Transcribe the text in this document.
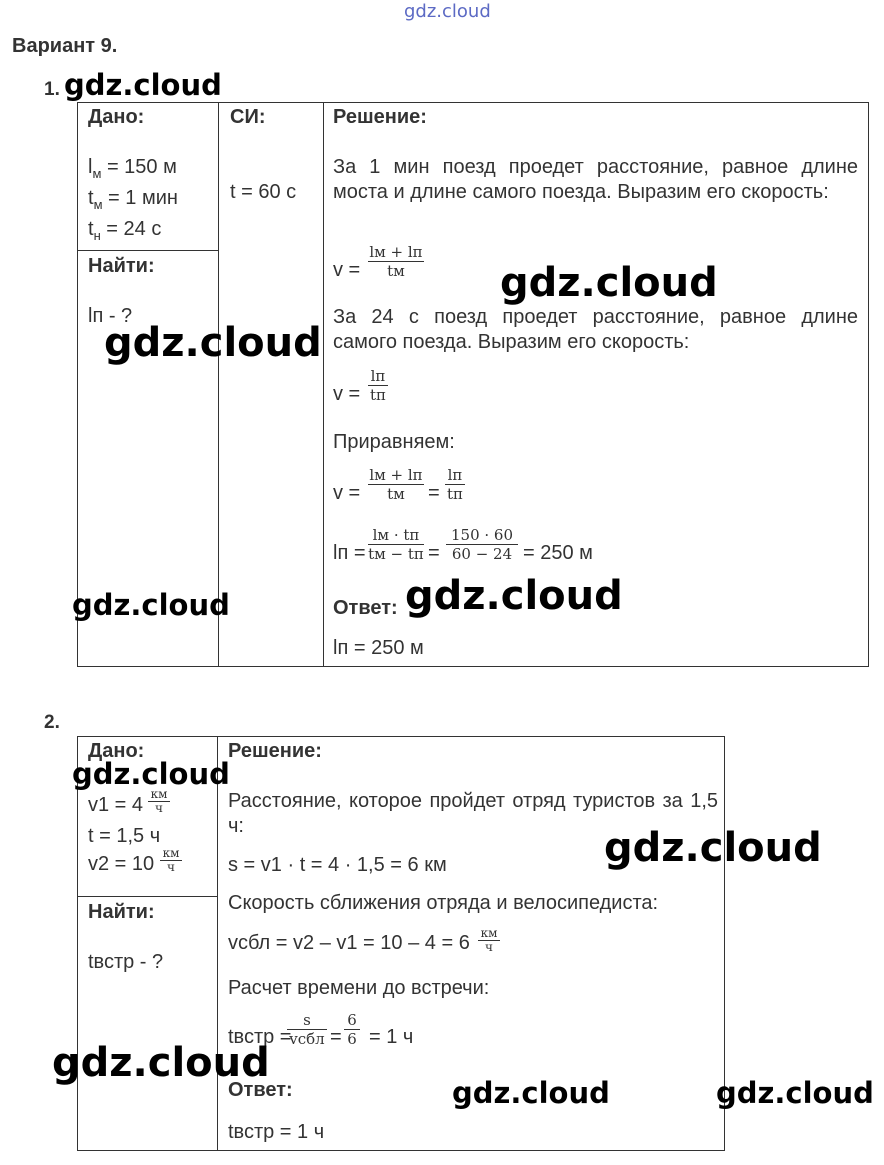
gdz.cloud
Вариант 9.
1.
Дано:
$l_м = 150$ м
$t_м = 1$ мин
$t_н = 24$ с
Найти:
lп - ?
СИ:
t = 60 с
Решение:
За 1 мин поезд проедет расстояние, равное длине моста и длине самого поезда. Выразим его скорость:
v =
lм + lп
tм
За 24 с поезд проедет расстояние, равное длине самого поезда. Выразим его скорость:
v =
lп
tп
Приравняем:
v =
lм + lп
tм	=
lп
tп
lп =
lм · tп
tм − tп =
150 · 60
60 − 24 = 250 м
Ответ:
lп = 250 м
2.
Дано:
v1 = 4 км
ч
t = 1,5 ч
v2 = 10 км
ч
Найти:
tвстр - ?
Решение:
Расстояние, которое пройдет отряд туристов за 1,5 ч:
s = v1 · t = 4 · 1,5 = 6 км
Скорость сближения отряда и велосипедиста:
vсбл = v2 – v1 = 10 – 4 = 6 км
ч
Расчет времени до встречи:
tвстр =
s
vсбл =
6
6 = 1 ч
Ответ:
tвстр = 1 ч
gdz.cloud
gdz.cloud
gdz.cloud
gdz.cloud	gdz.cloud
gdz.cloud
gdz.cloud
gdz.cloud
gdz.cloud	gdz.cloud
